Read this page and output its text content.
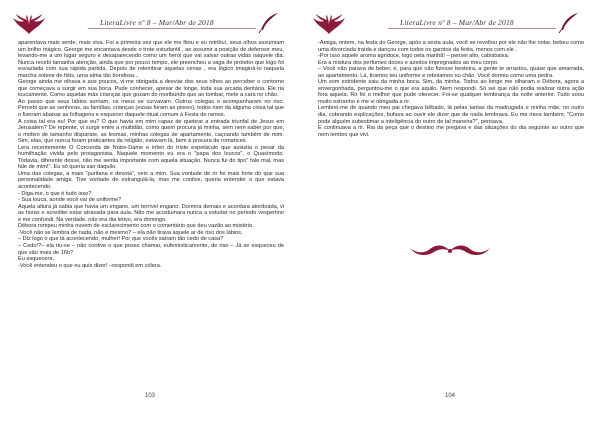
LiteraLivre nº 8 – Mar/Abr de 2018

aparentava mais verde, mais viva. Foi a primeira vez que ele me fitou e eu retribuí, seus olhos assumiam um brilho mágico. George me encantava desde o trote estudantil , ao assumir a posição de defensor meu, levando-me a um lugar seguro e desaparecendo como um herói que vai salvar outras vidas naquele dia. Nunca recebi tamanha atenção, ainda que por pouco tempo, ele preencheu a vaga de protetor que logo foi esvaziada com sua rápida partida. Depois de relembrar aquelas cenas , era lógico imaginá-lo naquela marcha solene de fiéis, uma alma tão bondosa...

George ainda me olhava e aos poucos, vi-me obrigada a desviar dos seus olhos ao perceber o contorno que começava a surgir em sua boca. Pude conhecer, apesar de longe, toda sua arcada dentária. Ele ria loucamente. Como aquelas más crianças que gozam do moribundo que ao tombar, mete a cara no chão.

Ao passo que seus lábios sorriam, os meus se curvavam. Outros colegas o acompanharam no riso. Percebi que as senhoras, as famílias, crianças (essas foram as piores), todos riam da alguma coisa tal que o fizeram abaixar as folhagens e esquecer daquele ritual comum à Festa de ramos.

A coisa tal era eu! Por que eu? O que havia em mim capaz de quebrar a entrada triunfal de Jesus em Jerusalém? De repente, vi surgir entre a multidão, como quem procura já minha, sem nem saber por que, o motivo de tamanho disparate, as lesmas, minhas colegas de apartamento, caçoando também de mim. Sim, elas, que nunca foram praticantes da religião, estavam lá, bem à procura de romances.

Lera recentemente O Corcunda de Notre-Dame e inferi do triste espetáculo que assistia o pesar da humilhação vivida pelo protagonista. Naquele momento eu era o "papa dos loucos", o Quasímodo. Todavia, diferente desse, não me sentia importante com aquela situação. Nunca fui do tipo" fale mal, mas fale de mim!". Eu só queria sair daquilo.

Uma das colegas, a mais "puritana e devota", veio a mim. Sua vontade de rir foi mais forte do que sua personalidade amiga. Tive vontade de estrangulá-la, mas me contive, queria entender o que estava acontecendo.

- Diga-me, o que é tudo isso?

- Sua louca, aonde você vai de uniforme?

Aquela altura já sabia que havia um engano, um terrível engano. Dormira demais e acordara atordoada, vi as horas e acreditei estar atrasada para aula. Não me acostumara nunca a estudar no período vespertino e me confundi. Na verdade, não era dia letivo, era domingo.

Débora rompeu minha nuvem de esclarecimento com o comentário que deu vazão ao mistério.

-Você não se lembra de nada, não é mesmo? – ela não tirava aquele ar de riso dos lábios.

– Diz logo o que tá acontecendo, mulher! Por que vocês saíram tão cedo de casa?

– Cedo!?– ela riu-se – não contive o que posso chamar, eufemisticamente, de riso – Já se esqueceu de que são mais de 16h?

Eu esquecera.

-Você entendeu o que eu quis dizer! –respondi em cólera.

103
LiteraLivre nº 8 – Mar/Abr de 2018

-Amiga, ontem, na festa do George, após a sexta aula, você se revoltou por ele não lhe notar, bebeu como uma divorciada traída e dançou com todos os garotos da festa, menos com ele .

-Por isso aquele aroma agridoce, logo pela manhã! – pensei alto, cabisbaixa.

Era a mistura dos perfumes doces e azedos impregnados ao meu corpo.

– Você não parava de beber, e, para que não fizesse besteira, a gente te arrastou, quase que amarrada, ao apartamento. Lá, tiramos teu uniforme e rebolamos no chão. Você dormiu como uma pedra.

Um som estridente saiu da minha boca. Sim, da minha. Todos ao longe me olharam e Débora, agora a envergonhada, perguntou-me o que era aquilo. Nem respondi. Só sei que não podia realizar outra ação fora aquela. Rir foi o melhor que pude oferecer. Foi-se qualquer lembrança da noite anterior. Tudo soou muito estranho e me vi obrigada a rir.

Lembrei-me de quando meu pai chegava bêbado, lá pelas tantas da madrugada e minha mãe, no outro dia, cobrando explicações, bufava ao ouvir ele dizer que de nada lembrava. Eu me irava também. "Como pode alguém subestimar a inteligência do outro de tal maneira?", pensava.

E continuava a rir. Ria da peça que o destino me pregava e das situações do dia seguinte ao outro que nem lembro que vivi.

104
